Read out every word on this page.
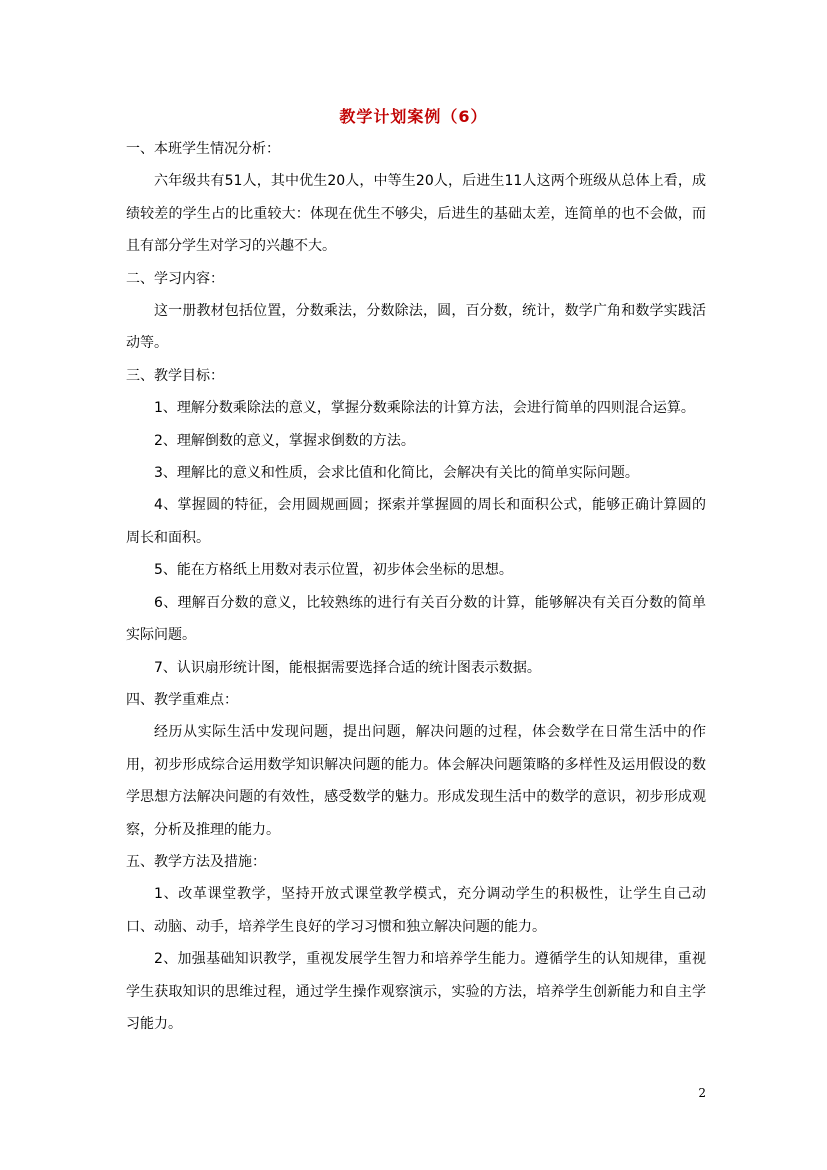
教学计划案例（6）

一、本班学生情况分析：

六年级共有51人，其中优生20人，中等生20人，后进生11人这两个班级从总体上看，成绩较差的学生占的比重较大：体现在优生不够尖，后进生的基础太差，连简单的也不会做，而且有部分学生对学习的兴趣不大。

二、学习内容：

这一册教材包括位置，分数乘法，分数除法，圆，百分数，统计，数学广角和数学实践活动等。

三、教学目标：

1、理解分数乘除法的意义，掌握分数乘除法的计算方法，会进行简单的四则混合运算。

2、理解倒数的意义，掌握求倒数的方法。

3、理解比的意义和性质，会求比值和化简比，会解决有关比的简单实际问题。

4、掌握圆的特征，会用圆规画圆；探索并掌握圆的周长和面积公式，能够正确计算圆的周长和面积。

5、能在方格纸上用数对表示位置，初步体会坐标的思想。

6、理解百分数的意义，比较熟练的进行有关百分数的计算，能够解决有关百分数的简单实际问题。

7、认识扇形统计图，能根据需要选择合适的统计图表示数据。

四、教学重难点：

经历从实际生活中发现问题，提出问题，解决问题的过程，体会数学在日常生活中的作用，初步形成综合运用数学知识解决问题的能力。体会解决问题策略的多样性及运用假设的数学思想方法解决问题的有效性，感受数学的魅力。形成发现生活中的数学的意识，初步形成观察，分析及推理的能力。

五、教学方法及措施：

1、改革课堂教学，坚持开放式课堂教学模式，充分调动学生的积极性，让学生自己动口、动脑、动手，培养学生良好的学习习惯和独立解决问题的能力。

2、加强基础知识教学，重视发展学生智力和培养学生能力。遵循学生的认知规律，重视学生获取知识的思维过程，通过学生操作观察演示，实验的方法，培养学生创新能力和自主学习能力。

2
